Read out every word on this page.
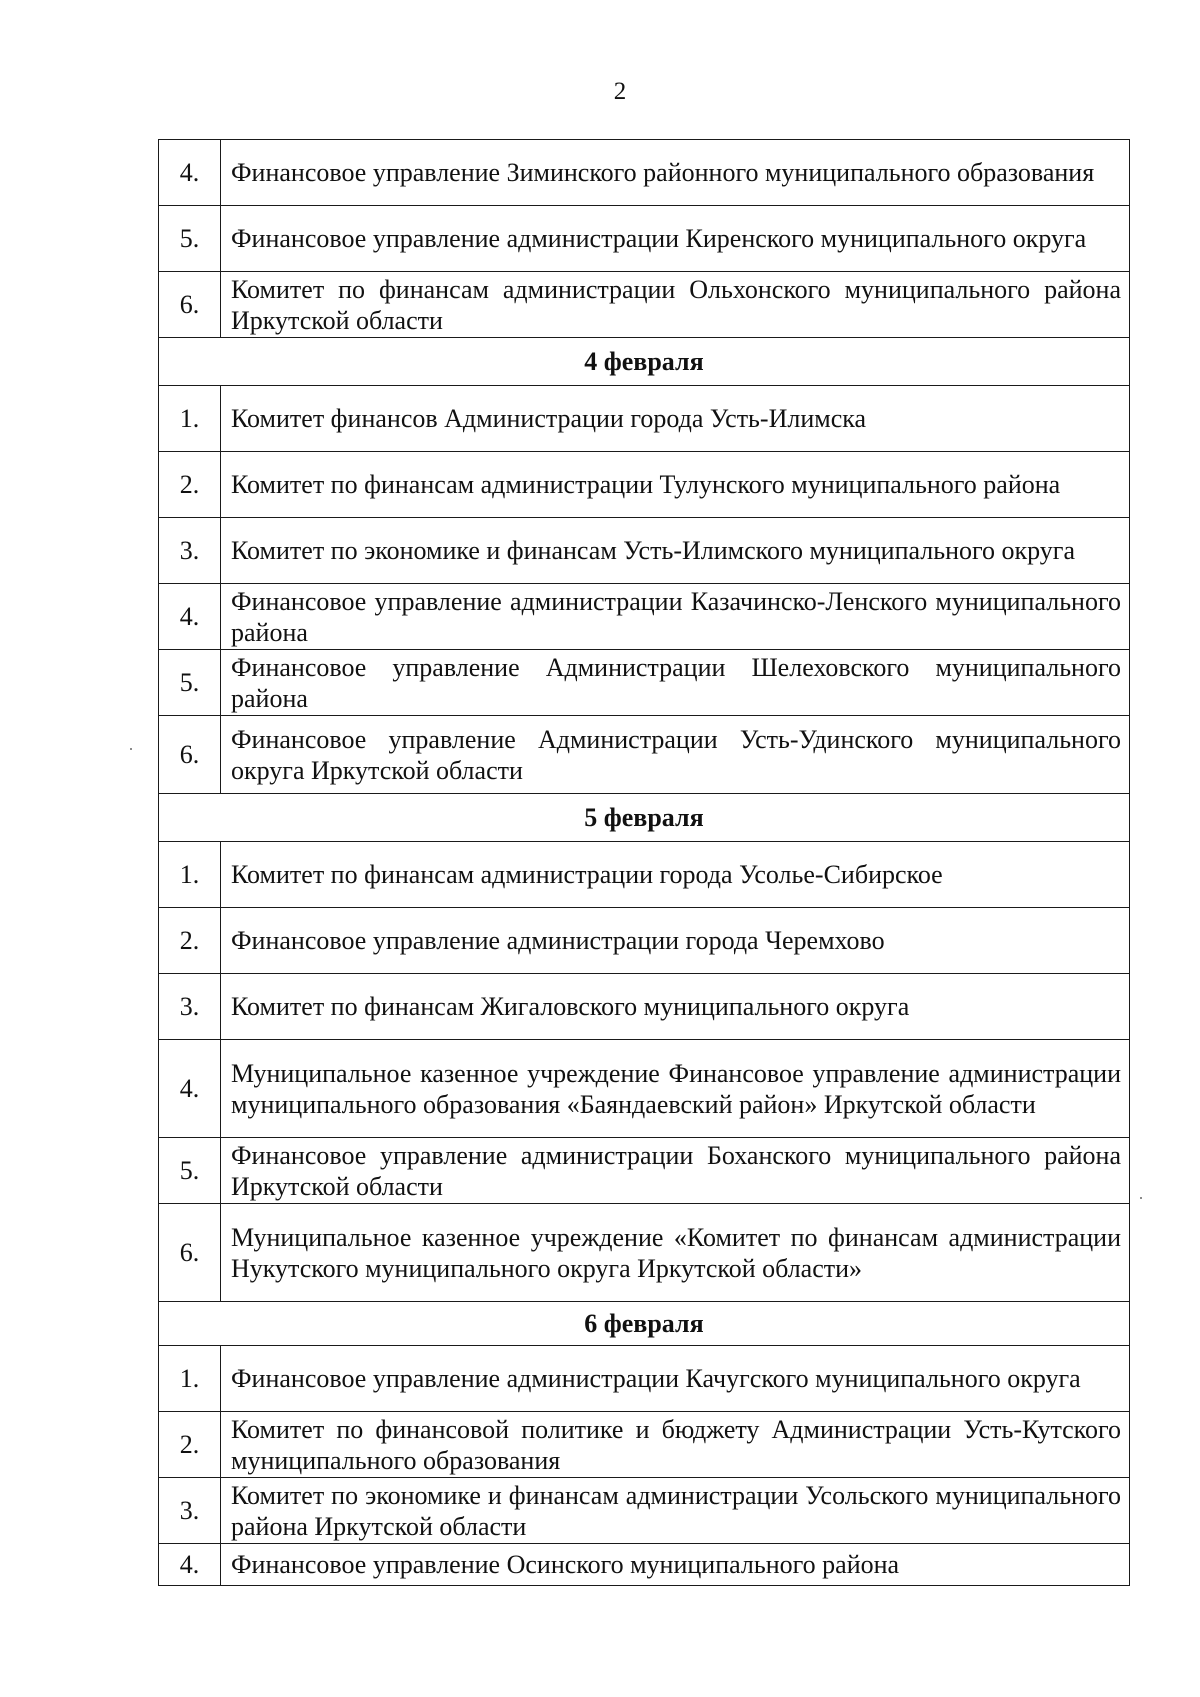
2
4.	Финансовое управление Зиминского районного муниципального образования
5.	Финансовое управление администрации Киренского муниципального округа
6.	Комитет по финансам администрации Ольхонского муниципального района Иркутской области
4 февраля	
1.	Комитет финансов Администрации города Усть-Илимска
2.	Комитет по финансам администрации Тулунского муниципального района
3.	Комитет по экономике и финансам Усть-Илимского муниципального округа
4.	Финансовое управление администрации Казачинско-Ленского муниципального района
5.	Финансовое управление Администрации Шелеховского муниципального района
6.	Финансовое управление Администрации Усть-Удинского муниципального округа Иркутской области
5 февраля	
1.	Комитет по финансам администрации города Усолье-Сибирское
2.	Финансовое управление администрации города Черемхово
3.	Комитет по финансам Жигаловского муниципального округа
4.	Муниципальное казенное учреждение Финансовое управление администрации муниципального образования «Баяндаевский район» Иркутской области
5.	Финансовое управление администрации Боханского муниципального района Иркутской области
6.	Муниципальное казенное учреждение «Комитет по финансам администрации Нукутского муниципального округа Иркутской области»
6 февраля	
1.	Финансовое управление администрации Качугского муниципального округа
2.	Комитет по финансовой политике и бюджету Администрации Усть-Кутского муниципального образования
3.	Комитет по экономике и финансам администрации Усольского муниципального района Иркутской области
4.	Финансовое управление Осинского муниципального района
